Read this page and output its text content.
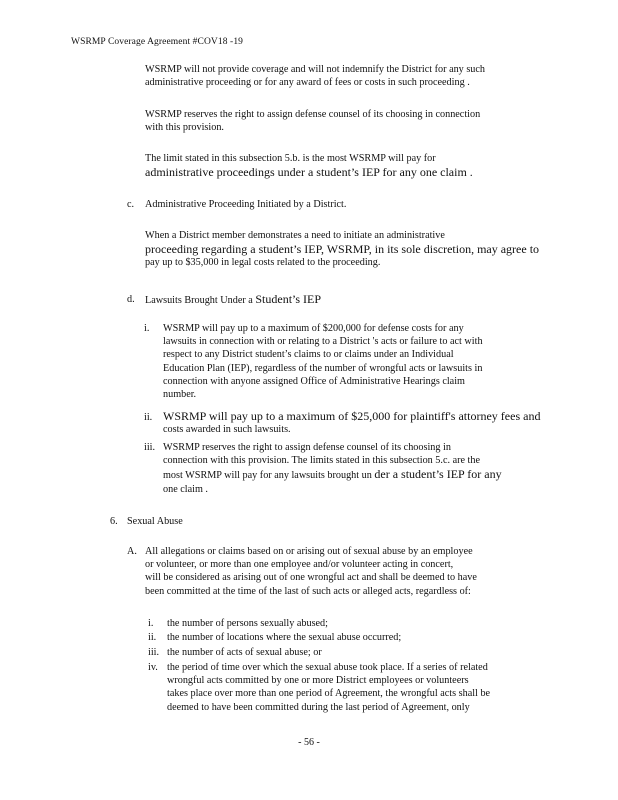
WSRMP Coverage Agreement #COV18 -19
WSRMP will not provide coverage and will not indemnify the District for any such
administrative proceeding or for any award of fees or costs in such proceeding .
WSRMP reserves the right to assign defense counsel of its choosing in connection
with this provision.
The limit stated in this subsection 5.b. is the most WSRMP will pay for
administrative proceedings under a student’s IEP for any one claim .
c. Administrative Proceeding Initiated by a District.
When a District member demonstrates a need to initiate an administrative
proceeding regarding a student’s IEP, WSRMP, in its sole discretion, may agree to
pay up to $35,000 in legal costs related to the proceeding.
d. Lawsuits Brought Under a Student’s IEP
i. WSRMP will pay up to a maximum of $200,000 for defense costs for any
lawsuits in connection with or relating to a District 's acts or failure to act with
respect to any District student’s claims to or claims under an Individual
Education Plan (IEP), regardless of the number of wrongful acts or lawsuits in
connection with anyone assigned Office of Administrative Hearings claim
number.
ii. WSRMP will pay up to a maximum of $25,000 for plaintiff's attorney fees and
costs awarded in such lawsuits.
iii. WSRMP reserves the right to assign defense counsel of its choosing in
connection with this provision. The limits stated in this subsection 5.c. are the
most WSRMP will pay for any lawsuits brought un der a student’s IEP for any
one claim .
6. Sexual Abuse
A. All allegations or claims based on or arising out of sexual abuse by an employee
or volunteer, or more than one employee and/or volunteer acting in concert,
will be considered as arising out of one wrongful act and shall be deemed to have
been committed at the time of the last of such acts or alleged acts, regardless of:
i. the number of persons sexually abused;
ii. the number of locations where the sexual abuse occurred;
iii. the number of acts of sexual abuse; or
iv. the period of time over which the sexual abuse took place. If a series of related
wrongful acts committed by one or more District employees or volunteers
takes place over more than one period of Agreement, the wrongful acts shall be
deemed to have been committed during the last period of Agreement, only
- 56 -
